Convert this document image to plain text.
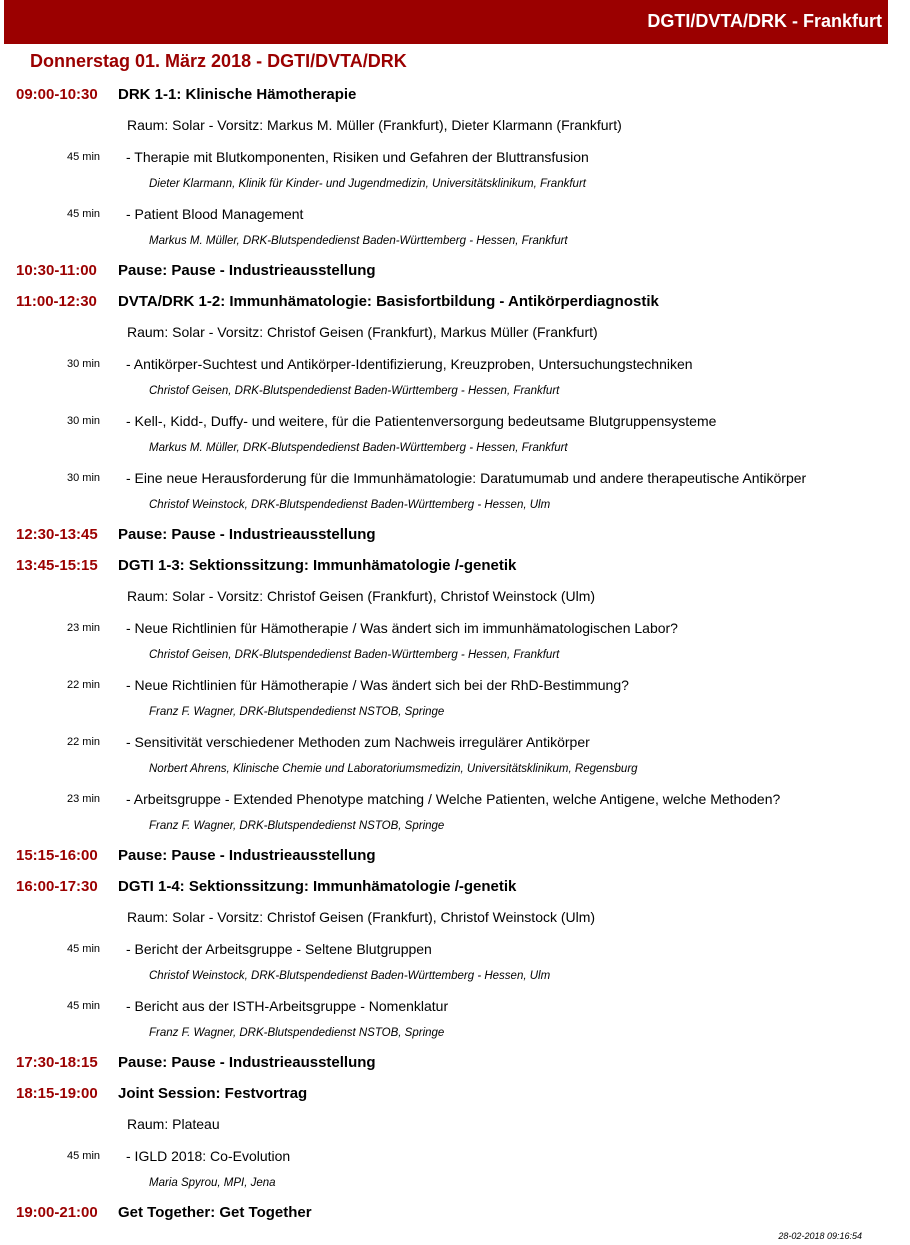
DGTI/DVTA/DRK - Frankfurt
Donnerstag 01. März 2018 - DGTI/DVTA/DRK
09:00-10:30 DRK 1-1: Klinische Hämotherapie
Raum: Solar - Vorsitz: Markus M. Müller (Frankfurt), Dieter Klarmann (Frankfurt)
45 min - Therapie mit Blutkomponenten, Risiken und Gefahren der Bluttransfusion
Dieter Klarmann, Klinik für Kinder- und Jugendmedizin, Universitätsklinikum, Frankfurt
45 min - Patient Blood Management
Markus M. Müller, DRK-Blutspendedienst Baden-Württemberg - Hessen, Frankfurt
10:30-11:00 Pause: Pause - Industrieausstellung
11:00-12:30 DVTA/DRK 1-2: Immunhämatologie: Basisfortbildung - Antikörperdiagnostik
Raum: Solar - Vorsitz: Christof Geisen (Frankfurt), Markus Müller (Frankfurt)
30 min - Antikörper-Suchtest und Antikörper-Identifizierung, Kreuzproben, Untersuchungstechniken
Christof Geisen, DRK-Blutspendedienst Baden-Württemberg - Hessen, Frankfurt
30 min - Kell-, Kidd-, Duffy- und weitere, für die Patientenversorgung bedeutsame Blutgruppensysteme
Markus M. Müller, DRK-Blutspendedienst Baden-Württemberg - Hessen, Frankfurt
30 min - Eine neue Herausforderung für die Immunhämatologie: Daratumumab und andere therapeutische Antikörper
Christof Weinstock, DRK-Blutspendedienst Baden-Württemberg - Hessen, Ulm
12:30-13:45 Pause: Pause - Industrieausstellung
13:45-15:15 DGTI 1-3: Sektionssitzung: Immunhämatologie /-genetik
Raum: Solar - Vorsitz: Christof Geisen (Frankfurt), Christof Weinstock (Ulm)
23 min - Neue Richtlinien für Hämotherapie / Was ändert sich im immunhämatologischen Labor?
Christof Geisen, DRK-Blutspendedienst Baden-Württemberg - Hessen, Frankfurt
22 min - Neue Richtlinien für Hämotherapie / Was ändert sich bei der RhD-Bestimmung?
Franz F. Wagner, DRK-Blutspendedienst NSTOB, Springe
22 min - Sensitivität verschiedener Methoden zum Nachweis irregulärer Antikörper
Norbert Ahrens, Klinische Chemie und Laboratoriumsmedizin, Universitätsklinikum, Regensburg
23 min - Arbeitsgruppe - Extended Phenotype matching / Welche Patienten, welche Antigene, welche Methoden?
Franz F. Wagner, DRK-Blutspendedienst NSTOB, Springe
15:15-16:00 Pause: Pause - Industrieausstellung
16:00-17:30 DGTI 1-4: Sektionssitzung: Immunhämatologie /-genetik
Raum: Solar - Vorsitz: Christof Geisen (Frankfurt), Christof Weinstock (Ulm)
45 min - Bericht der Arbeitsgruppe - Seltene Blutgruppen
Christof Weinstock, DRK-Blutspendedienst Baden-Württemberg - Hessen, Ulm
45 min - Bericht aus der ISTH-Arbeitsgruppe - Nomenklatur
Franz F. Wagner, DRK-Blutspendedienst NSTOB, Springe
17:30-18:15 Pause: Pause - Industrieausstellung
18:15-19:00 Joint Session: Festvortrag
Raum: Plateau
45 min - IGLD 2018: Co-Evolution
Maria Spyrou, MPI, Jena
19:00-21:00 Get Together: Get Together
28-02-2018 09:16:54
